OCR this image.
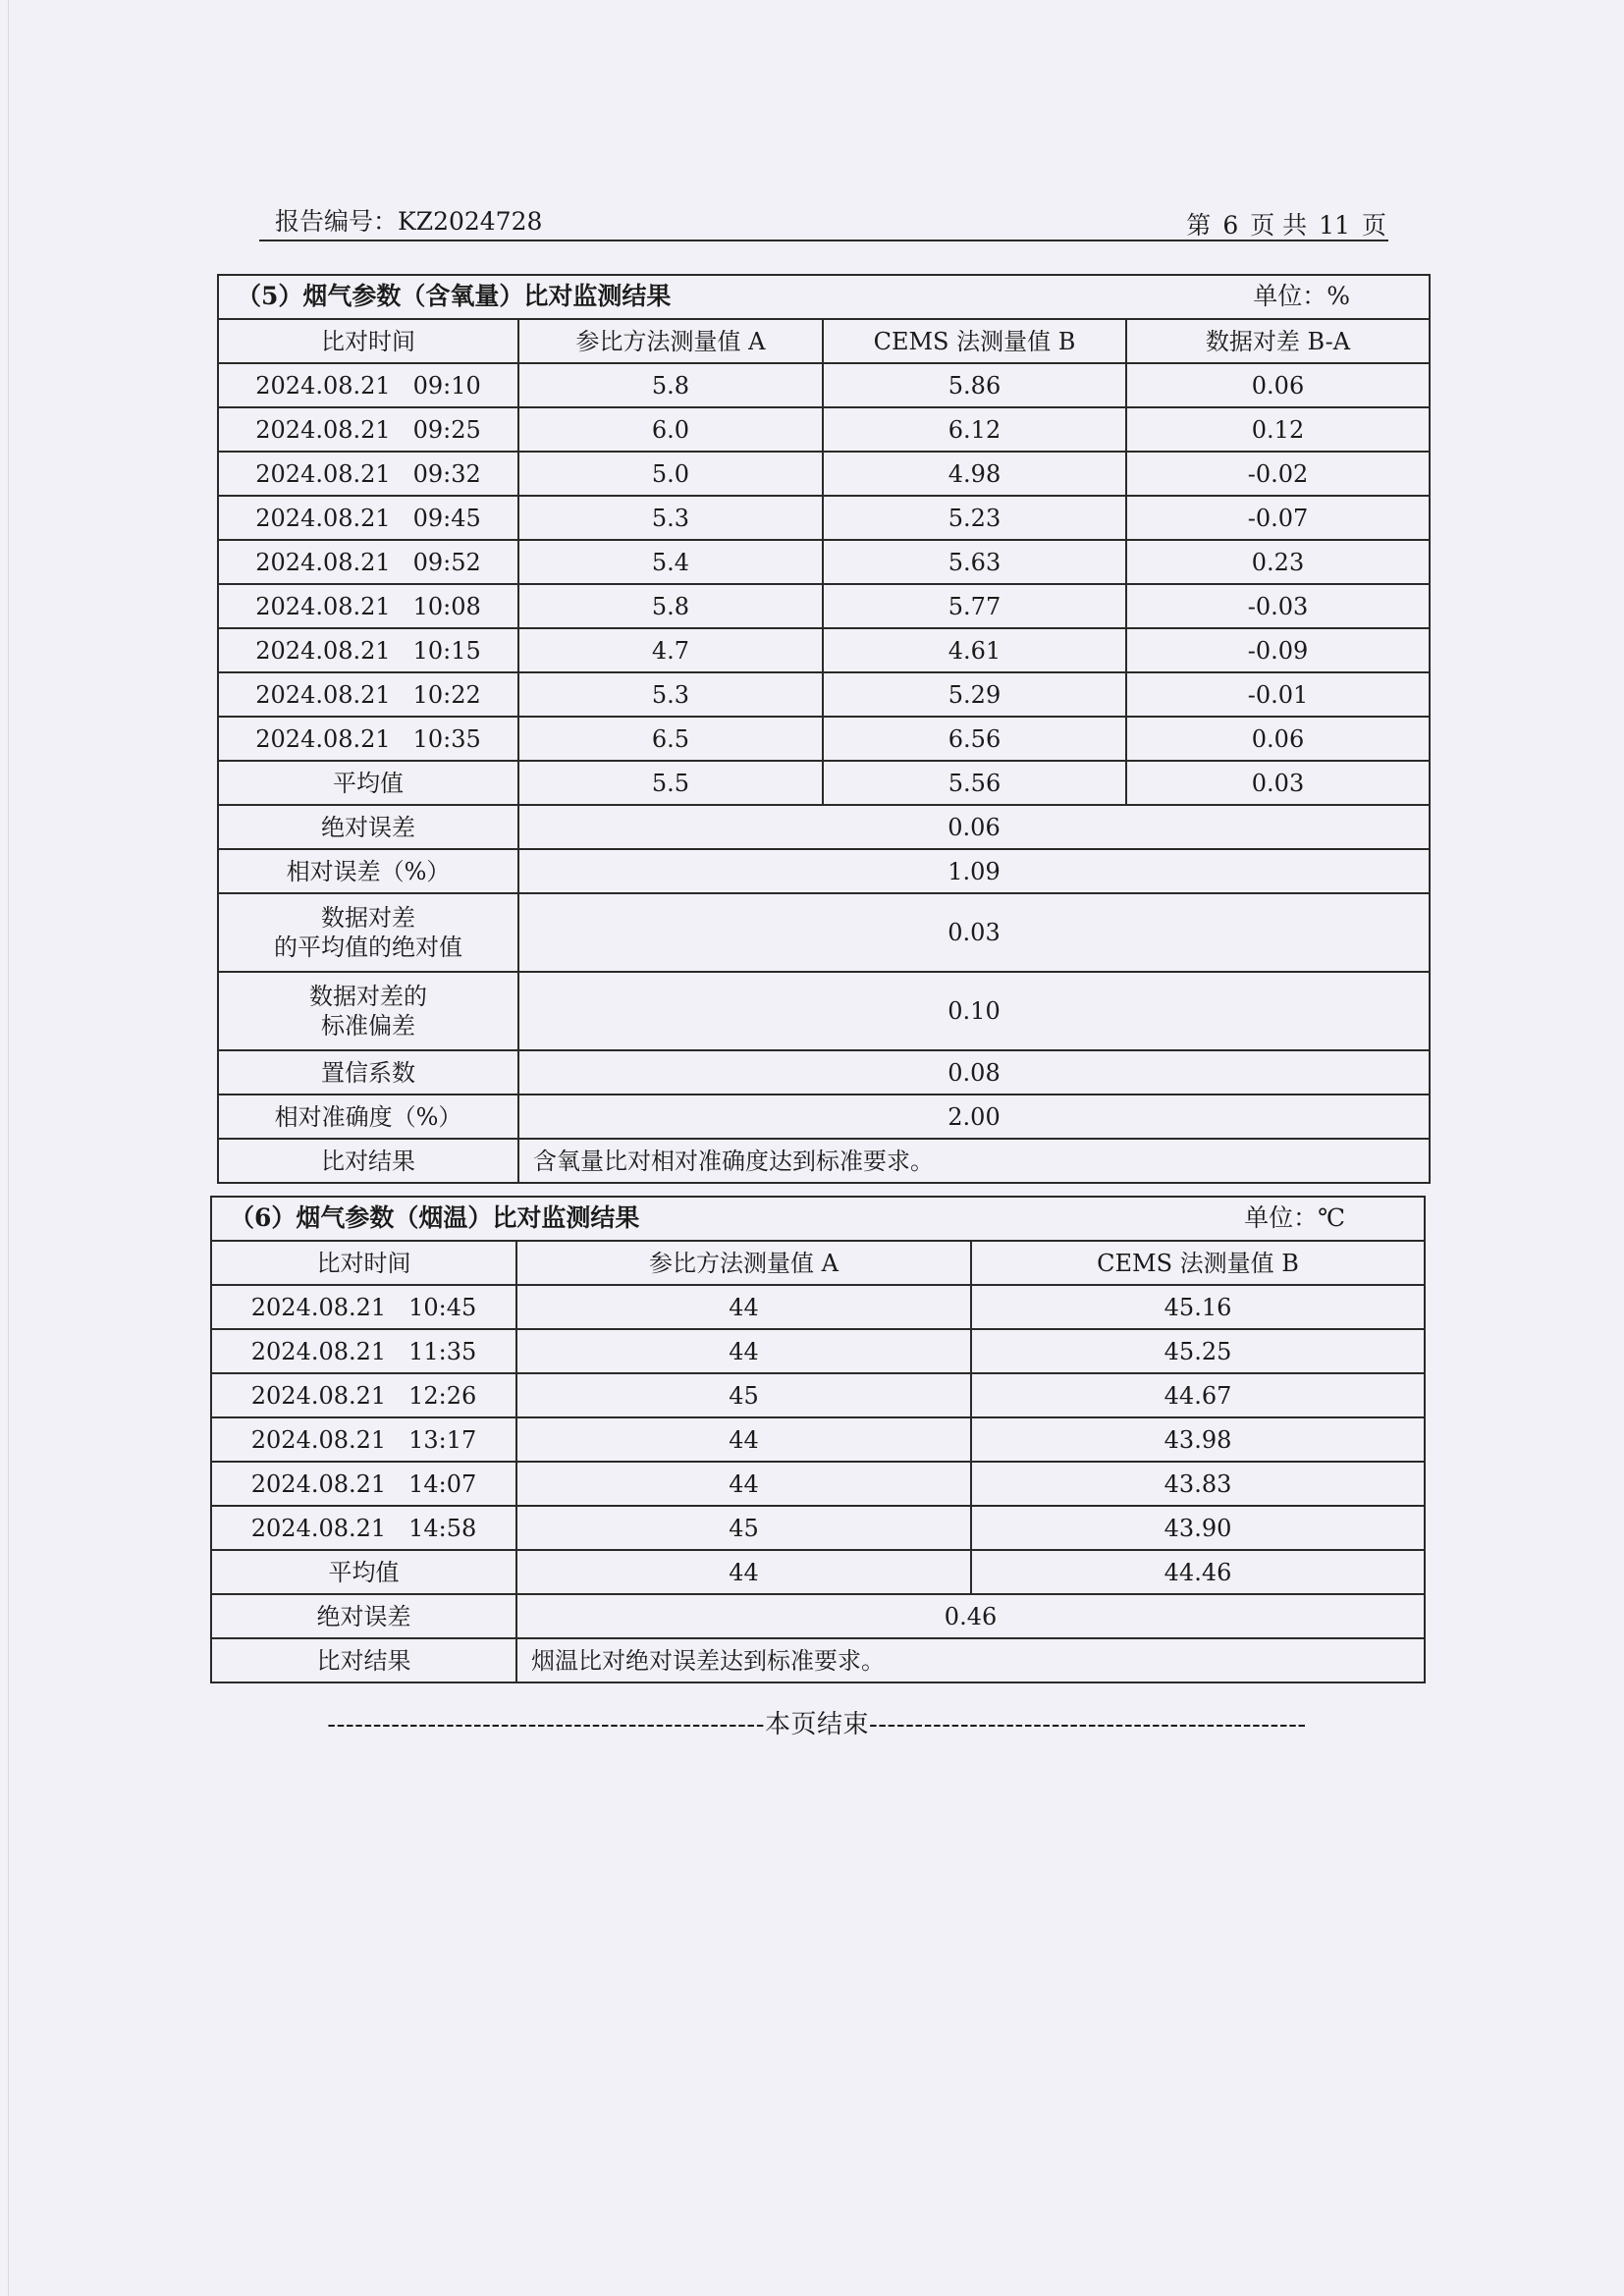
报告编号：KZ2024728	第 6 页 共 11 页
（5）烟气参数（含氧量）比对监测结果 单位：%			

比对时间	参比方法测量值 A	CEMS 法测量值 B	数据对差 B-A
2024.08.21   09:10	5.8	5.86	0.06
2024.08.21   09:25	6.0	6.12	0.12
2024.08.21   09:32	5.0	4.98	-0.02
2024.08.21   09:45	5.3	5.23	-0.07
2024.08.21   09:52	5.4	5.63	0.23
2024.08.21   10:08	5.8	5.77	-0.03
2024.08.21   10:15	4.7	4.61	-0.09
2024.08.21   10:22	5.3	5.29	-0.01
2024.08.21   10:35	6.5	6.56	0.06
平均值	5.5	5.56	0.03
绝对误差	0.06		
相对误差（%）	1.09		
数据对差
的平均值的绝对值	0.03		
数据对差的
标准偏差	0.10		
置信系数	0.08		
相对准确度（%）	2.00		
比对结果	含氧量比对相对准确度达到标准要求。		
（6）烟气参数（烟温）比对监测结果 单位：℃		

比对时间	参比方法测量值 A	CEMS 法测量值 B
2024.08.21   10:45	44	45.16
2024.08.21   11:35	44	45.25
2024.08.21   12:26	45	44.67
2024.08.21   13:17	44	43.98
2024.08.21   14:07	44	43.83
2024.08.21   14:58	45	43.90
平均值	44	44.46
绝对误差	0.46	
比对结果	烟温比对绝对误差达到标准要求。	
------------------------------------------------本页结束------------------------------------------------
